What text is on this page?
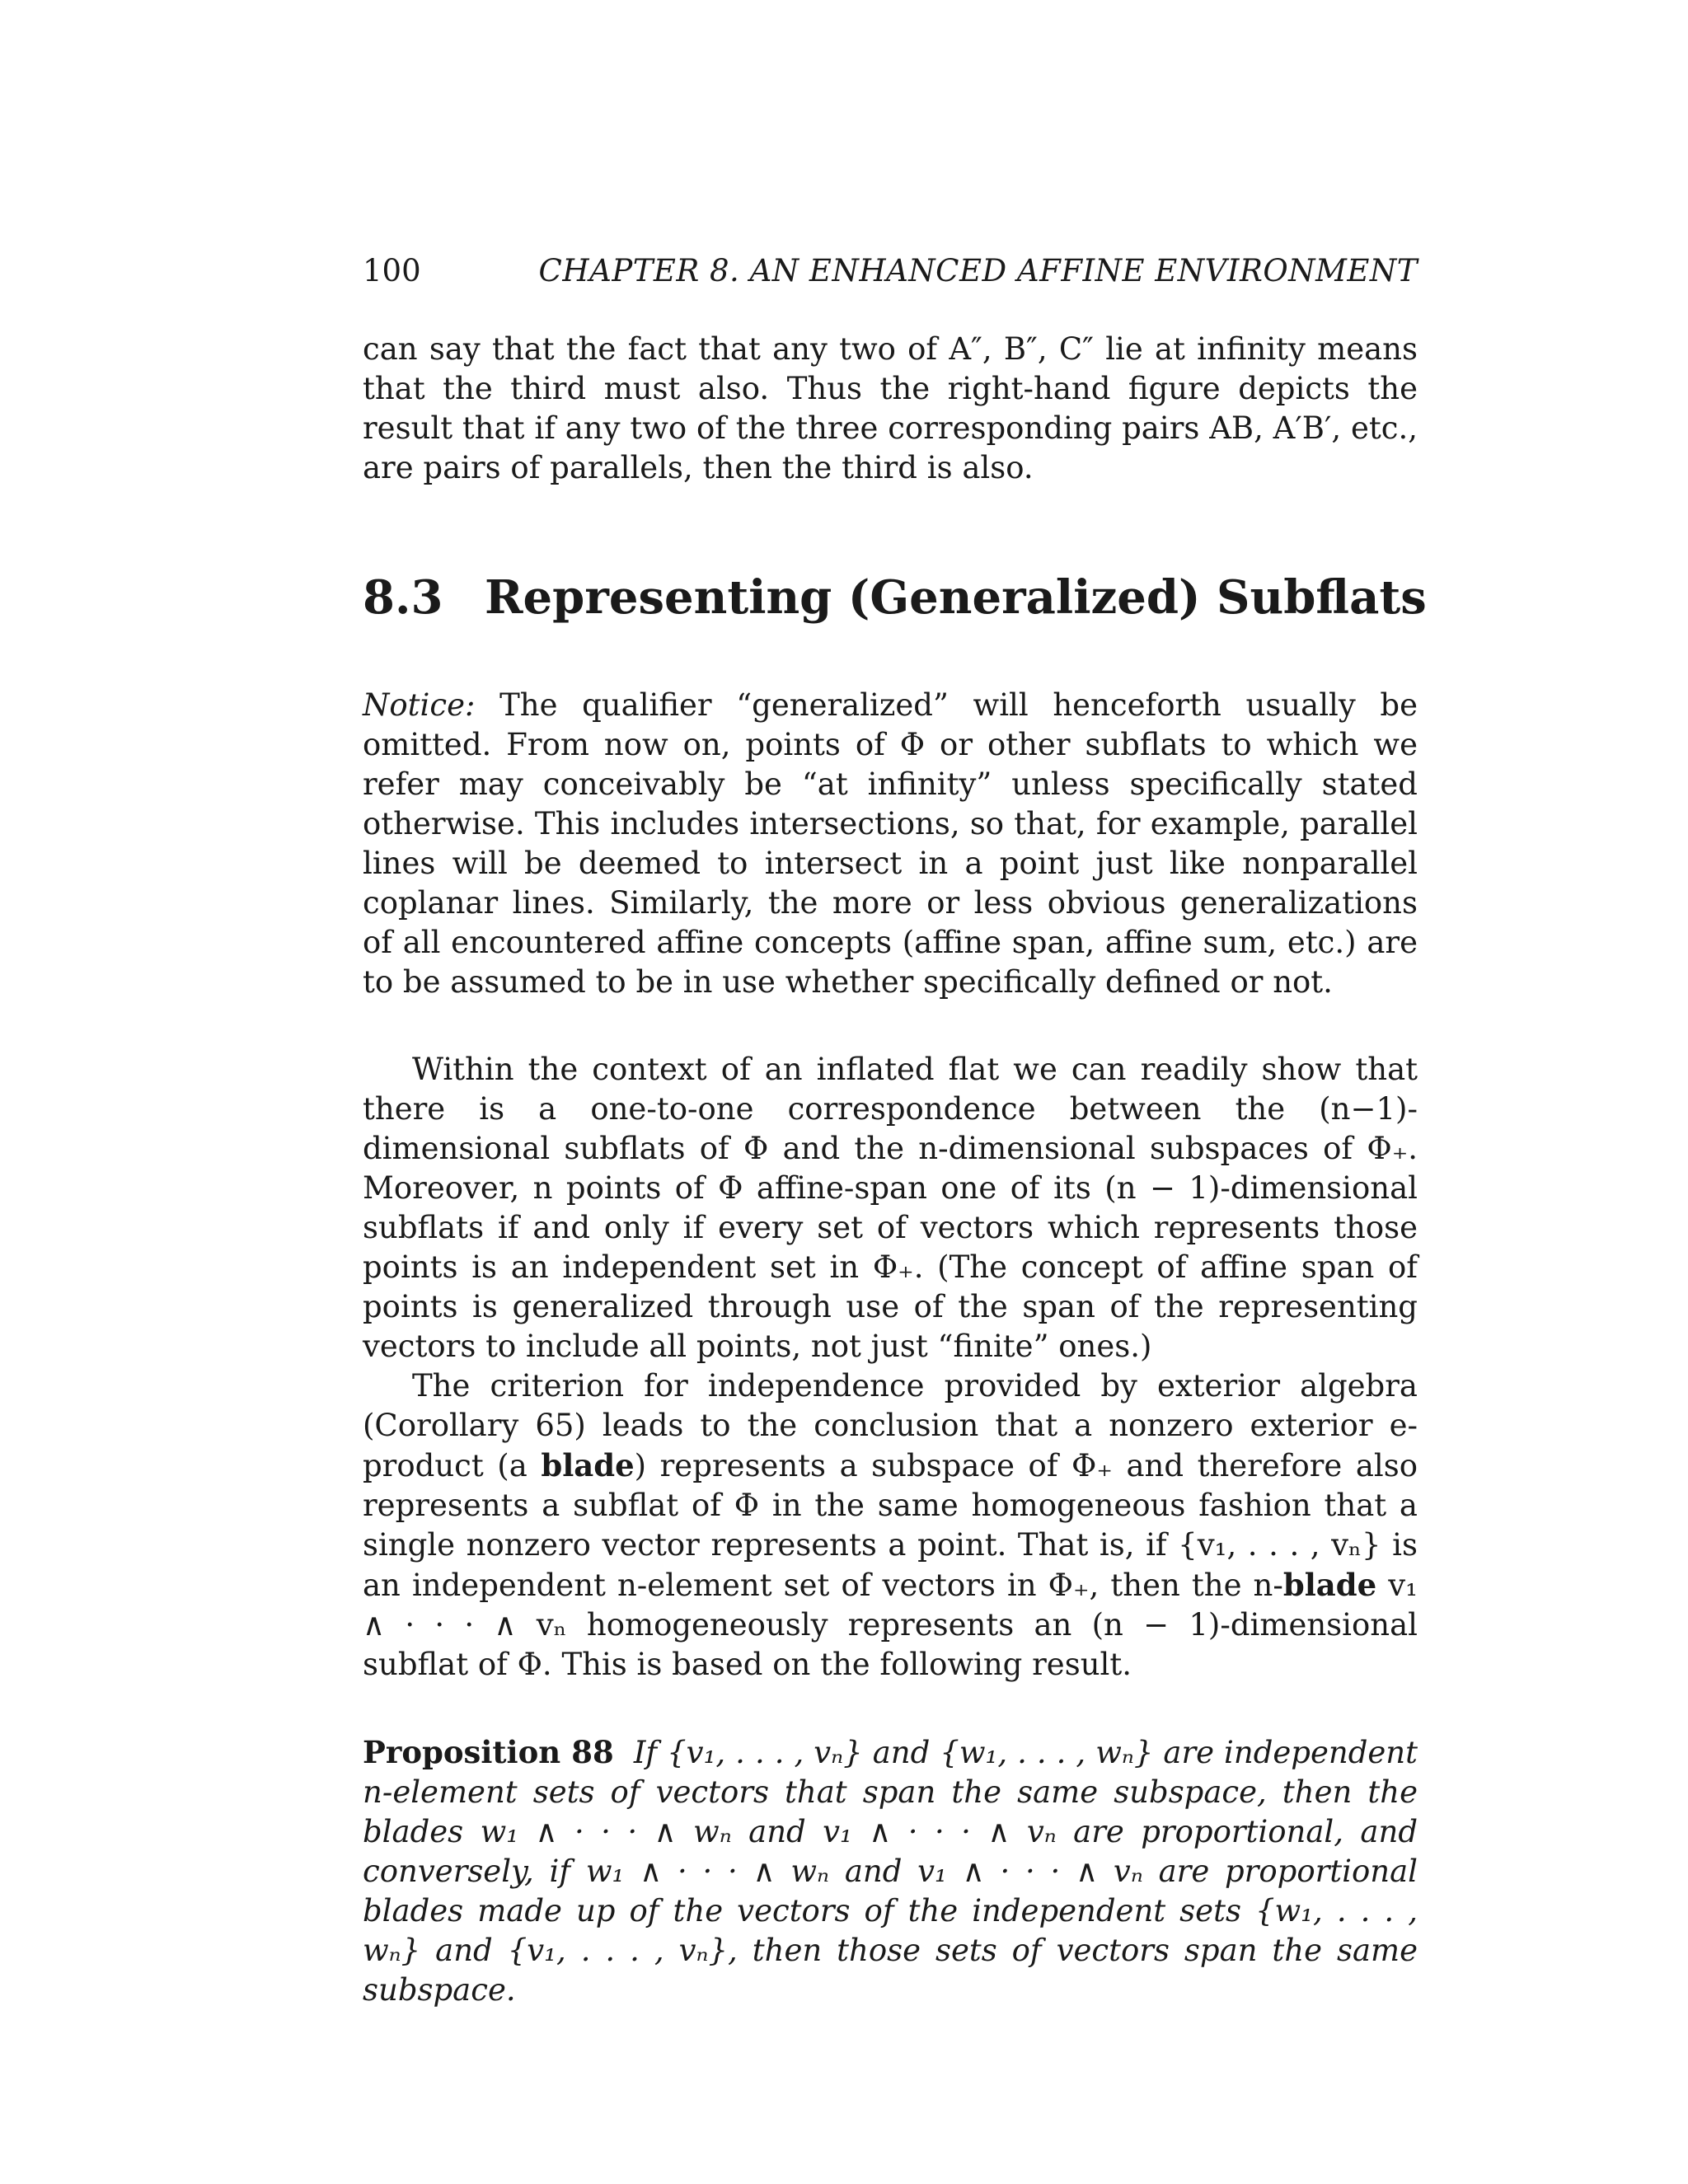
100	CHAPTER 8. AN ENHANCED AFFINE ENVIRONMENT

can say that the fact that any two of A″, B″, C″ lie at infinity means that the third must also. Thus the right-hand figure depicts the result that if any two of the three corresponding pairs AB, A′B′, etc., are pairs of parallels, then the third is also.

8.3 Representing (Generalized) Subflats

Notice: The qualifier “generalized” will henceforth usually be omitted. From now on, points of Φ or other subflats to which we refer may conceivably be “at infinity” unless specifically stated otherwise. This includes intersections, so that, for example, parallel lines will be deemed to intersect in a point just like nonparallel coplanar lines. Similarly, the more or less obvious generalizations of all encountered affine concepts (affine span, affine sum, etc.) are to be assumed to be in use whether specifically defined or not.

Within the context of an inflated flat we can readily show that there is a one-to-one correspondence between the (n−1)-dimensional subflats of Φ and the n-dimensional subspaces of Φ₊. Moreover, n points of Φ affine-span one of its (n − 1)-dimensional subflats if and only if every set of vectors which represents those points is an independent set in Φ₊. (The concept of affine span of points is generalized through use of the span of the representing vectors to include all points, not just “finite” ones.)

The criterion for independence provided by exterior algebra (Corollary 65) leads to the conclusion that a nonzero exterior e-product (a blade) represents a subspace of Φ₊ and therefore also represents a subflat of Φ in the same homogeneous fashion that a single nonzero vector represents a point. That is, if {v₁, . . . , vₙ} is an independent n-element set of vectors in Φ₊, then the n-blade v₁ ∧ · · · ∧ vₙ homogeneously represents an (n − 1)-dimensional subflat of Φ. This is based on the following result.

Proposition 88 If {v₁, . . . , vₙ} and {w₁, . . . , wₙ} are independent n-element sets of vectors that span the same subspace, then the blades w₁ ∧ · · · ∧ wₙ and v₁ ∧ · · · ∧ vₙ are proportional, and conversely, if w₁ ∧ · · · ∧ wₙ and v₁ ∧ · · · ∧ vₙ are proportional blades made up of the vectors of the independent sets {w₁, . . . , wₙ} and {v₁, . . . , vₙ}, then those sets of vectors span the same subspace.
